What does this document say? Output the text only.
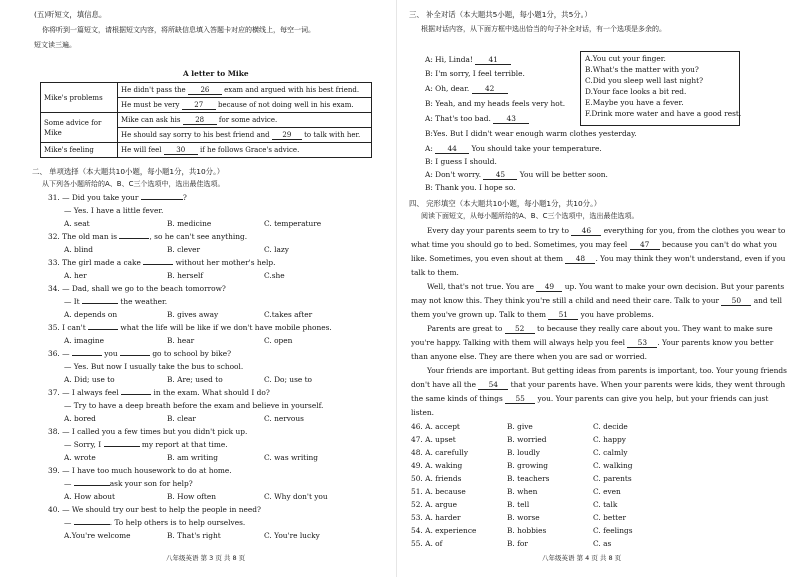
(五)听短文，填信息。
你将听到一篇短文，请根据短文内容，将所缺信息填入答题卡对应的横线上，每空一词。
短文读三遍。
A letter to Mike
Mike's problems	He didn't pass the 26 exam and argued with his best friend.
	He must be very 27 because of not doing well in his exam.
Some advice for Mike	Mike can ask his 28 for some advice.
	He should say sorry to his best friend and 29 to talk with her.
Mike's feeling	He will feel 30 if he follows Grace's advice.
二、 单项选择（本大题共10小题，每小题1分，共10分。）
从下列各小题所给的A、B、C三个选项中，选出最佳选项。
31. — Did you take your	?
— Yes. I have a little fever.
A. seat	B. medicine	C. temperature
32. The old man is	, so he can't see anything.
A. blind	B. clever	C. lazy
33. The girl made a cake	without her mother's help.
A. her	B. herself	C.she
34. — Dad, shall we go to the beach tomorrow?
— It	the weather.
A. depends on	B. gives away	C.takes after
35. I can't	what the life will be like if we don't have mobile phones.
A. imagine	B. hear	C. open
36. —	you	go to school by bike?
— Yes. But now I usually take the bus to school.
A. Did; use to	B. Are; used to	C. Do; use to
37. — I always feel	in the exam. What should I do?
— Try to have a deep breath before the exam and believe in yourself.
A. bored	B. clear	C. nervous
38. — I called you a few times but you didn't pick up.
— Sorry, I	my report at that time.
A. wrote	B. am writing	C. was writing
39. — I have too much housework to do at home.
—	ask your son for help?
A. How about	B. How often	C. Why don't you
40. — We should try our best to help the people in need?
—	. To help others is to help ourselves.
A.You're welcome	B. That's right	C. You're lucky
八年级英语 第 3 页 共 8 页
三、 补全对话（本大题共5小题，每小题1分，共5分。）
根据对话内容，从下面方框中选出恰当的句子补全对话，有一个选项是多余的。
A: Hi, Linda! 41
B: I'm sorry, I feel terrible.
A: Oh, dear. 42
B: Yeah, and my heads feels very hot.
A: That's too bad. 43
B:Yes. But I didn't wear enough warm clothes yesterday.
A: 44 You should take your temperature.
B: I guess I should.
A: Don't worry. 45 You will be better soon.
B: Thank you. I hope so.
A.You cut your finger.
B.What's the matter with you?
C.Did you sleep well last night?
D.Your face looks a bit red.
E.Maybe you have a fever.
F.Drink more water and have a good rest.
四、 完形填空（本大题共10小题，每小题1分，共10分。）
阅读下面短文，从每小题所给的A、B、C三个选项中，选出最佳选项。
Every day your parents seem to try to 46 everything for you, from the clothes you wear to
what time you should go to bed. Sometimes, you may feel 47 because you can't do what you
like. Sometimes, you even shout at them 48 . You may think they won't understand, even if you
talk to them.
Well, that's not true. You are 49 up. You want to make your own decision. But your parents
may not know this. They think you're still a child and need their care. Talk to your 50 and tell
them you've grown up. Talk to them 51 you have problems.
Parents are great to 52 to because they really care about you. They want to make sure
you're happy. Talking with them will always help you feel 53 . Your parents know you better
than anyone else. They are there when you are sad or worried.
Your friends are important. But getting ideas from parents is important, too. Your young friends
don't have all the 54 that your parents have. When your parents were kids, they went through
the same kinds of things 55 you. Your parents can give you help, but your friends can just
listen.
46. A. accept	B. give	C. decide
47. A. upset	B. worried	C. happy
48. A. carefully	B. loudly	C. calmly
49. A. waking	B. growing	C. walking
50. A. friends	B. teachers	C. parents
51. A. because	B. when	C. even
52. A. argue	B. tell	C. talk
53. A. harder	B. worse	C. better
54. A. experience	B. hobbies	C. feelings
55. A. of	B. for	C. as
八年级英语 第 4 页 共 8 页
